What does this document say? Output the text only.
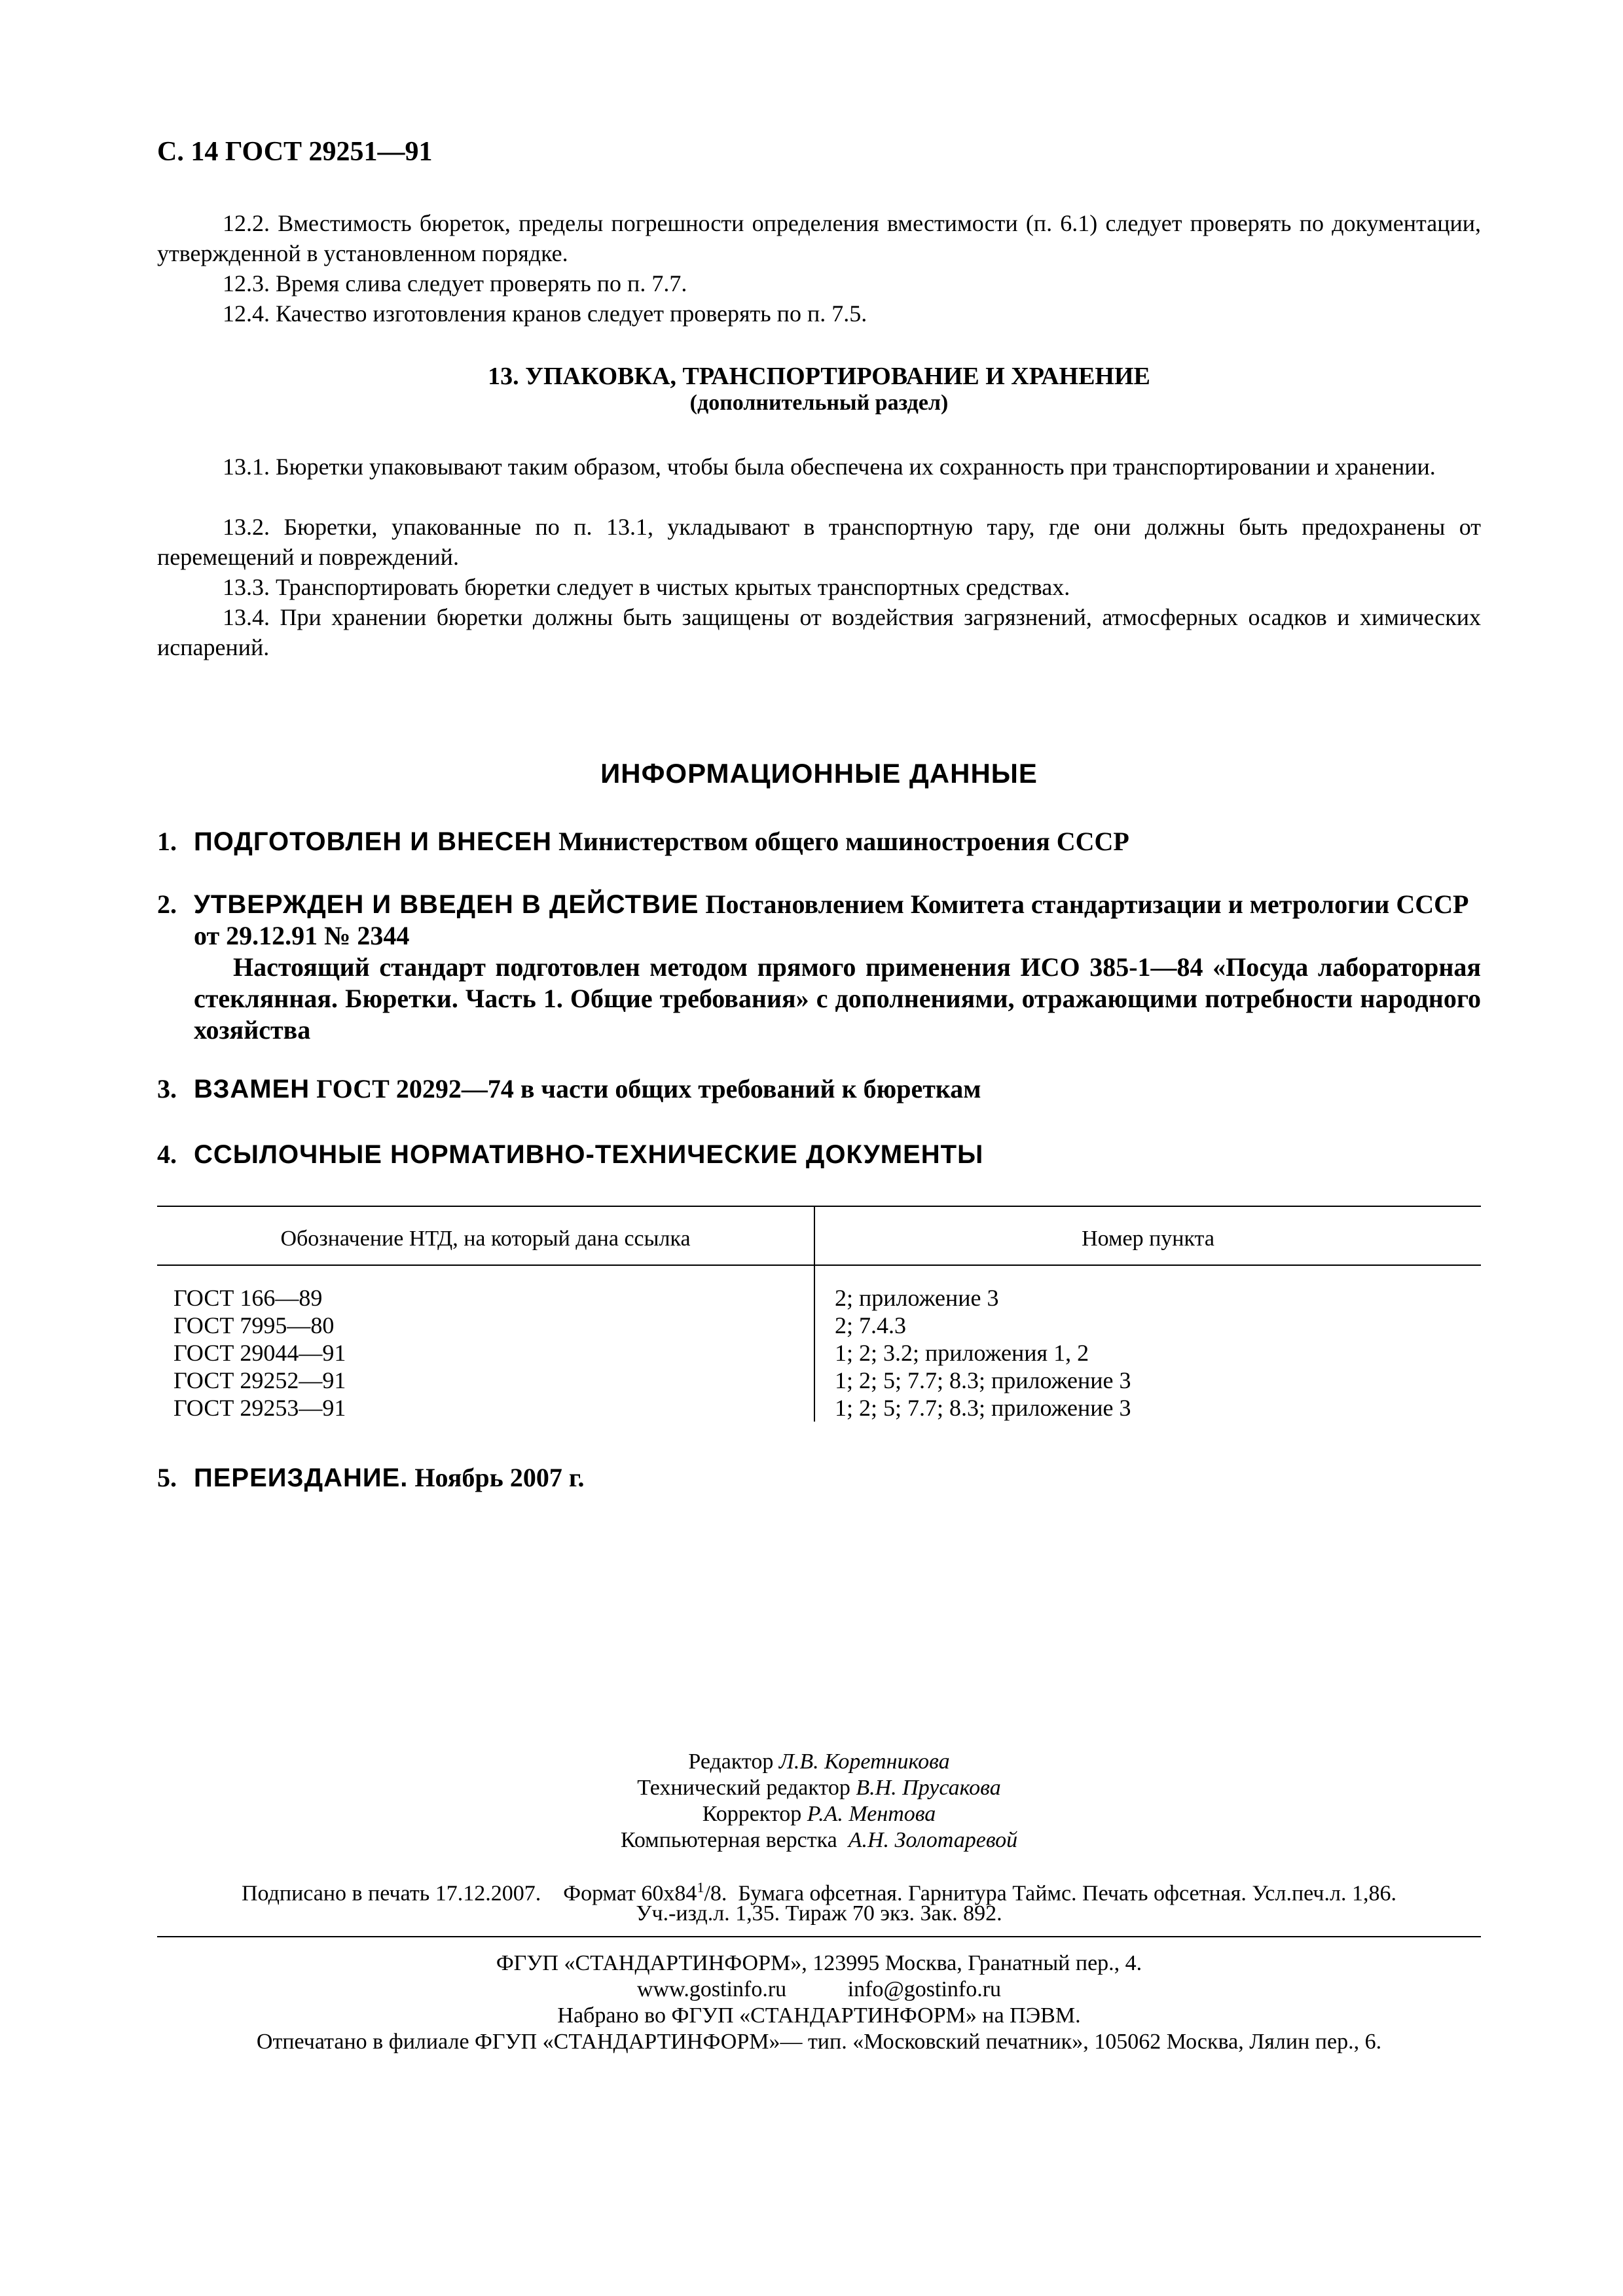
С. 14 ГОСТ 29251—91

12.2. Вместимость бюреток, пределы погрешности определения вместимости (п. 6.1) следует проверять по документации, утвержденной в установленном порядке.

12.3. Время слива следует проверять по п. 7.7.

12.4. Качество изготовления кранов следует проверять по п. 7.5.

13. УПАКОВКА, ТРАНСПОРТИРОВАНИЕ И ХРАНЕНИЕ
(дополнительный раздел)

13.1. Бюретки упаковывают таким образом, чтобы была обеспечена их сохранность при транспортировании и хранении.

13.2. Бюретки, упакованные по п. 13.1, укладывают в транспортную тару, где они должны быть предохранены от перемещений и повреждений.

13.3. Транспортировать бюретки следует в чистых крытых транспортных средствах.

13.4. При хранении бюретки должны быть защищены от воздействия загрязнений, атмосферных осадков и химических испарений.

ИНФОРМАЦИОННЫЕ ДАННЫЕ

1. ПОДГОТОВЛЕН И ВНЕСЕН Министерством общего машиностроения СССР

2. УТВЕРЖДЕН И ВВЕДЕН В ДЕЙСТВИЕ Постановлением Комитета стандартизации и метрологии СССР от 29.12.91 № 2344

Настоящий стандарт подготовлен методом прямого применения ИСО 385-1—84 «Посуда лабораторная стеклянная. Бюретки. Часть 1. Общие требования» с дополнениями, отражающими потребности народного хозяйства

3. ВЗАМЕН ГОСТ 20292—74 в части общих требований к бюреткам

4. ССЫЛОЧНЫЕ НОРМАТИВНО-ТЕХНИЧЕСКИЕ ДОКУМЕНТЫ

Обозначение НТД, на который дана ссылка	Номер пункта
ГОСТ 166—89	2; приложение 3
ГОСТ 7995—80	2; 7.4.3
ГОСТ 29044—91	1; 2; 3.2; приложения 1, 2
ГОСТ 29252—91	1; 2; 5; 7.7; 8.3; приложение 3
ГОСТ 29253—91	1; 2; 5; 7.7; 8.3; приложение 3

5. ПЕРЕИЗДАНИЕ. Ноябрь 2007 г.

Редактор Л.В. Коретникова
Технический редактор В.Н. Прусакова
Корректор Р.А. Ментова
Компьютерная верстка А.Н. Золотаревой
Подписано в печать 17.12.2007. Формат $60х84^1/8$. Бумага офсетная. Гарнитура Таймс. Печать офсетная. Усл.печ.л. 1,86.
Уч.-изд.л. 1,35. Тираж 70 экз. Зак. 892.
ФГУП «СТАНДАРТИНФОРМ», 123995 Москва, Гранатный пер., 4.
www.gostinfo.ru	info@gostinfo.ru
Набрано во ФГУП «СТАНДАРТИНФОРМ» на ПЭВМ.
Отпечатано в филиале ФГУП «СТАНДАРТИНФОРМ»— тип. «Московский печатник», 105062 Москва, Лялин пер., 6.
